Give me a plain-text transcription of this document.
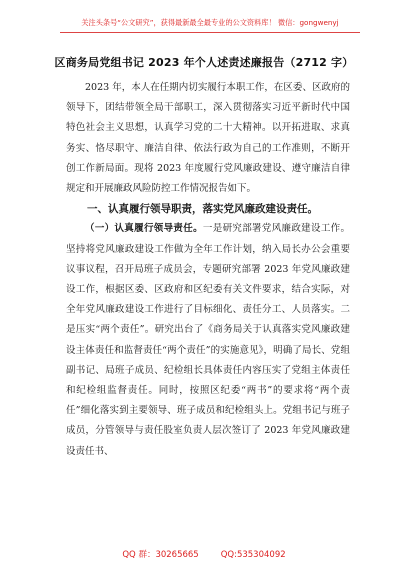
关注头条号“公文研究”，获得最新最全最专业的公文资料库！ 微信：gongwenyj
区商务局党组书记 2023 年个人述责述廉报告（2712 字）

2023 年，本人在任期内切实履行本职工作，在区委、区政府的领导下，团结带领全局干部职工，深入贯彻落实习近平新时代中国特色社会主义思想，认真学习党的二十大精神。以开拓进取、求真务实、恪尽职守、廉洁自律、依法行政为自己的工作准则，不断开创工作新局面。现将 2023 年度履行党风廉政建设、遵守廉洁自律规定和开展廉政风险防控工作情况报告如下。

一、认真履行领导职责，落实党风廉政建设责任。

（一）认真履行领导责任。一是研究部署党风廉政建设工作。坚持将党风廉政建设工作做为全年工作计划，纳入局长办公会重要议事议程，召开局班子成员会，专题研究部署 2023 年党风廉政建设工作，根据区委、区政府和区纪委有关文件要求，结合实际，对全年党风廉政建设工作进行了目标细化、责任分工、人员落实。二是压实“两个责任”。研究出台了《商务局关于认真落实党风廉政建设主体责任和监督责任“两个责任”的实施意见》，明确了局长、党组副书记、局班子成员、纪检组长具体责任内容压实了党组主体责任和纪检组监督责任。同时，按照区纪委“两书”的要求将“两个责任”细化落实到主要领导、班子成员和纪检组头上。党组书记与班子成员，分管领导与责任股室负责人层次签订了 2023 年党风廉政建设责任书、

QQ 群：30265665	QQ:535304092
